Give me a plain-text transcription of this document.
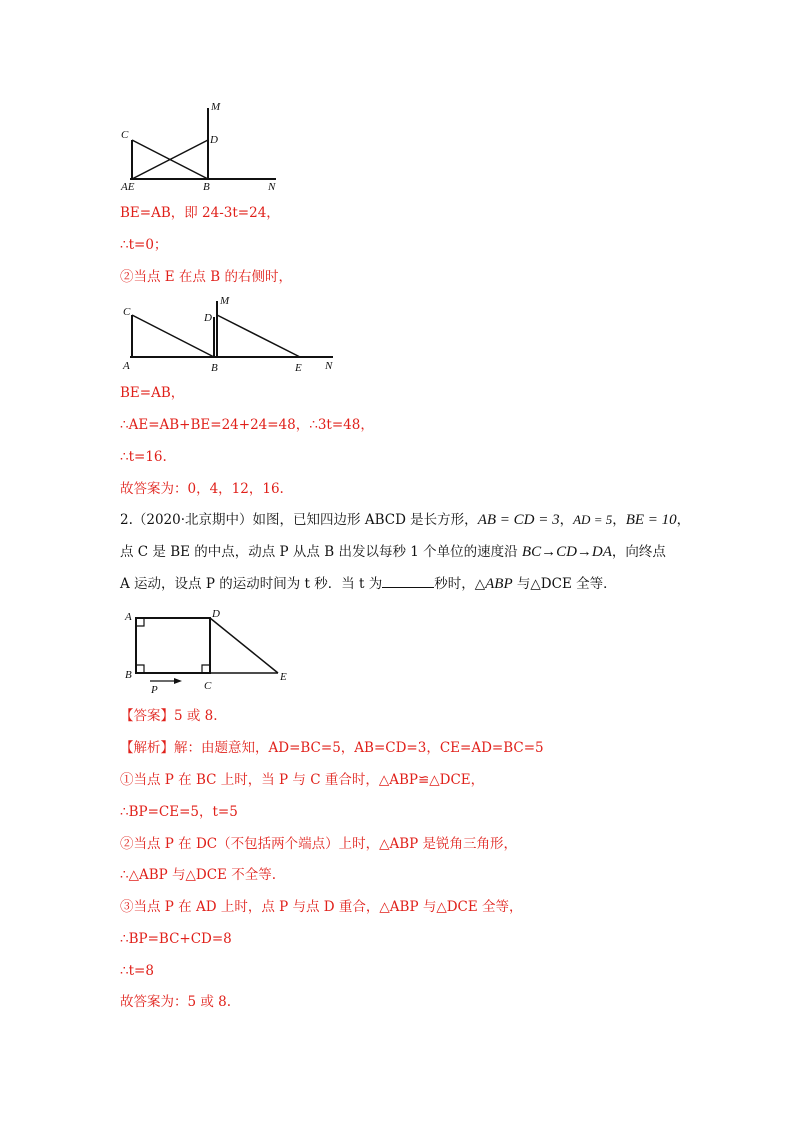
M
C	D
AE	B	N
BE=AB，即 24-3t=24，
∴t=0；
②当点 E 在点 B 的右侧时，
M
C	D
A	B	E N
BE=AB，
∴AE=AB+BE=24+24=48，∴3t=48，
∴t=16.
故答案为：0，4，12，16.
2.（2020·北京期中）如图，已知四边形 ABCD 是长方形，AB = CD = 3，AD = 5，BE = 10，
点 C 是 BE 的中点，动点 P 从点 B 出发以每秒 1 个单位的速度沿 BC→CD→DA，向终点
A 运动，设点 P 的运动时间为 t 秒．当 t 为	秒时，△ABP 与△DCE 全等．
A	D
B
P	C
E
【答案】5 或 8.
【解析】解：由题意知，AD=BC=5，AB=CD=3，CE=AD=BC=5
①当点 P 在 BC 上时，当 P 与 C 重合时，△ABP≌△DCE，
∴BP=CE=5，t=5
②当点 P 在 DC（不包括两个端点）上时，△ABP 是锐角三角形，
∴△ABP 与△DCE 不全等.
③当点 P 在 AD 上时，点 P 与点 D 重合，△ABP 与△DCE 全等，
∴BP=BC+CD=8
∴t=8
故答案为：5 或 8.
